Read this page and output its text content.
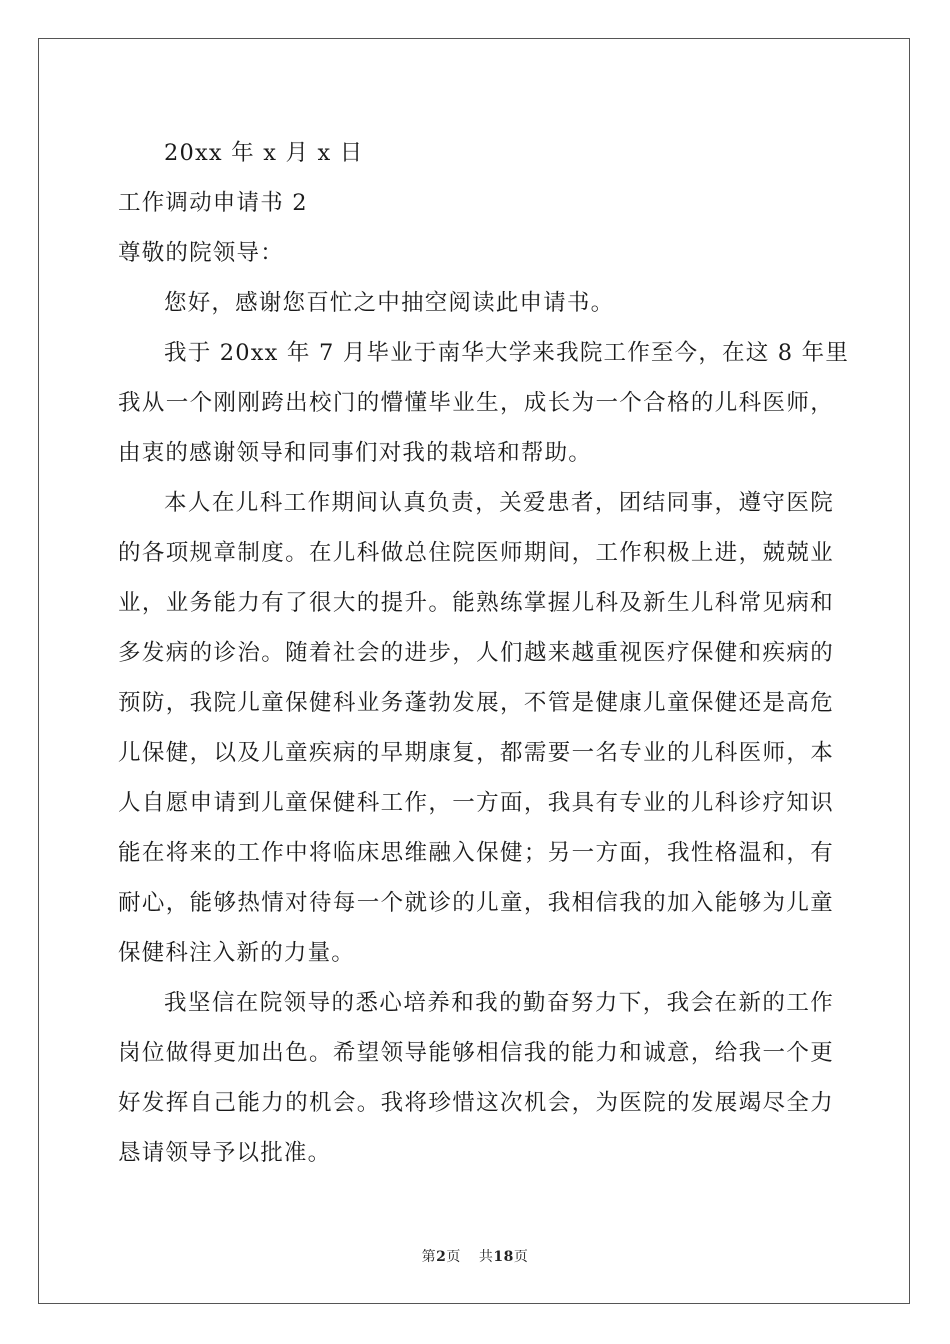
20xx 年 x 月 x 日
工作调动申请书 2
尊敬的院领导：
您好，感谢您百忙之中抽空阅读此申请书。
我于 20xx 年 7 月毕业于南华大学来我院工作至今，在这 8 年里
我从一个刚刚跨出校门的懵懂毕业生，成长为一个合格的儿科医师，
由衷的感谢领导和同事们对我的栽培和帮助。
本人在儿科工作期间认真负责，关爱患者，团结同事，遵守医院
的各项规章制度。在儿科做总住院医师期间，工作积极上进，兢兢业
业，业务能力有了很大的提升。能熟练掌握儿科及新生儿科常见病和
多发病的诊治。随着社会的进步，人们越来越重视医疗保健和疾病的
预防，我院儿童保健科业务蓬勃发展，不管是健康儿童保健还是高危
儿保健，以及儿童疾病的早期康复，都需要一名专业的儿科医师，本
人自愿申请到儿童保健科工作，一方面，我具有专业的儿科诊疗知识
能在将来的工作中将临床思维融入保健；另一方面，我性格温和，有
耐心，能够热情对待每一个就诊的儿童，我相信我的加入能够为儿童
保健科注入新的力量。
我坚信在院领导的悉心培养和我的勤奋努力下，我会在新的工作
岗位做得更加出色。希望领导能够相信我的能力和诚意，给我一个更
好发挥自己能力的机会。我将珍惜这次机会，为医院的发展竭尽全力
恳请领导予以批准。
第2页 共18页
